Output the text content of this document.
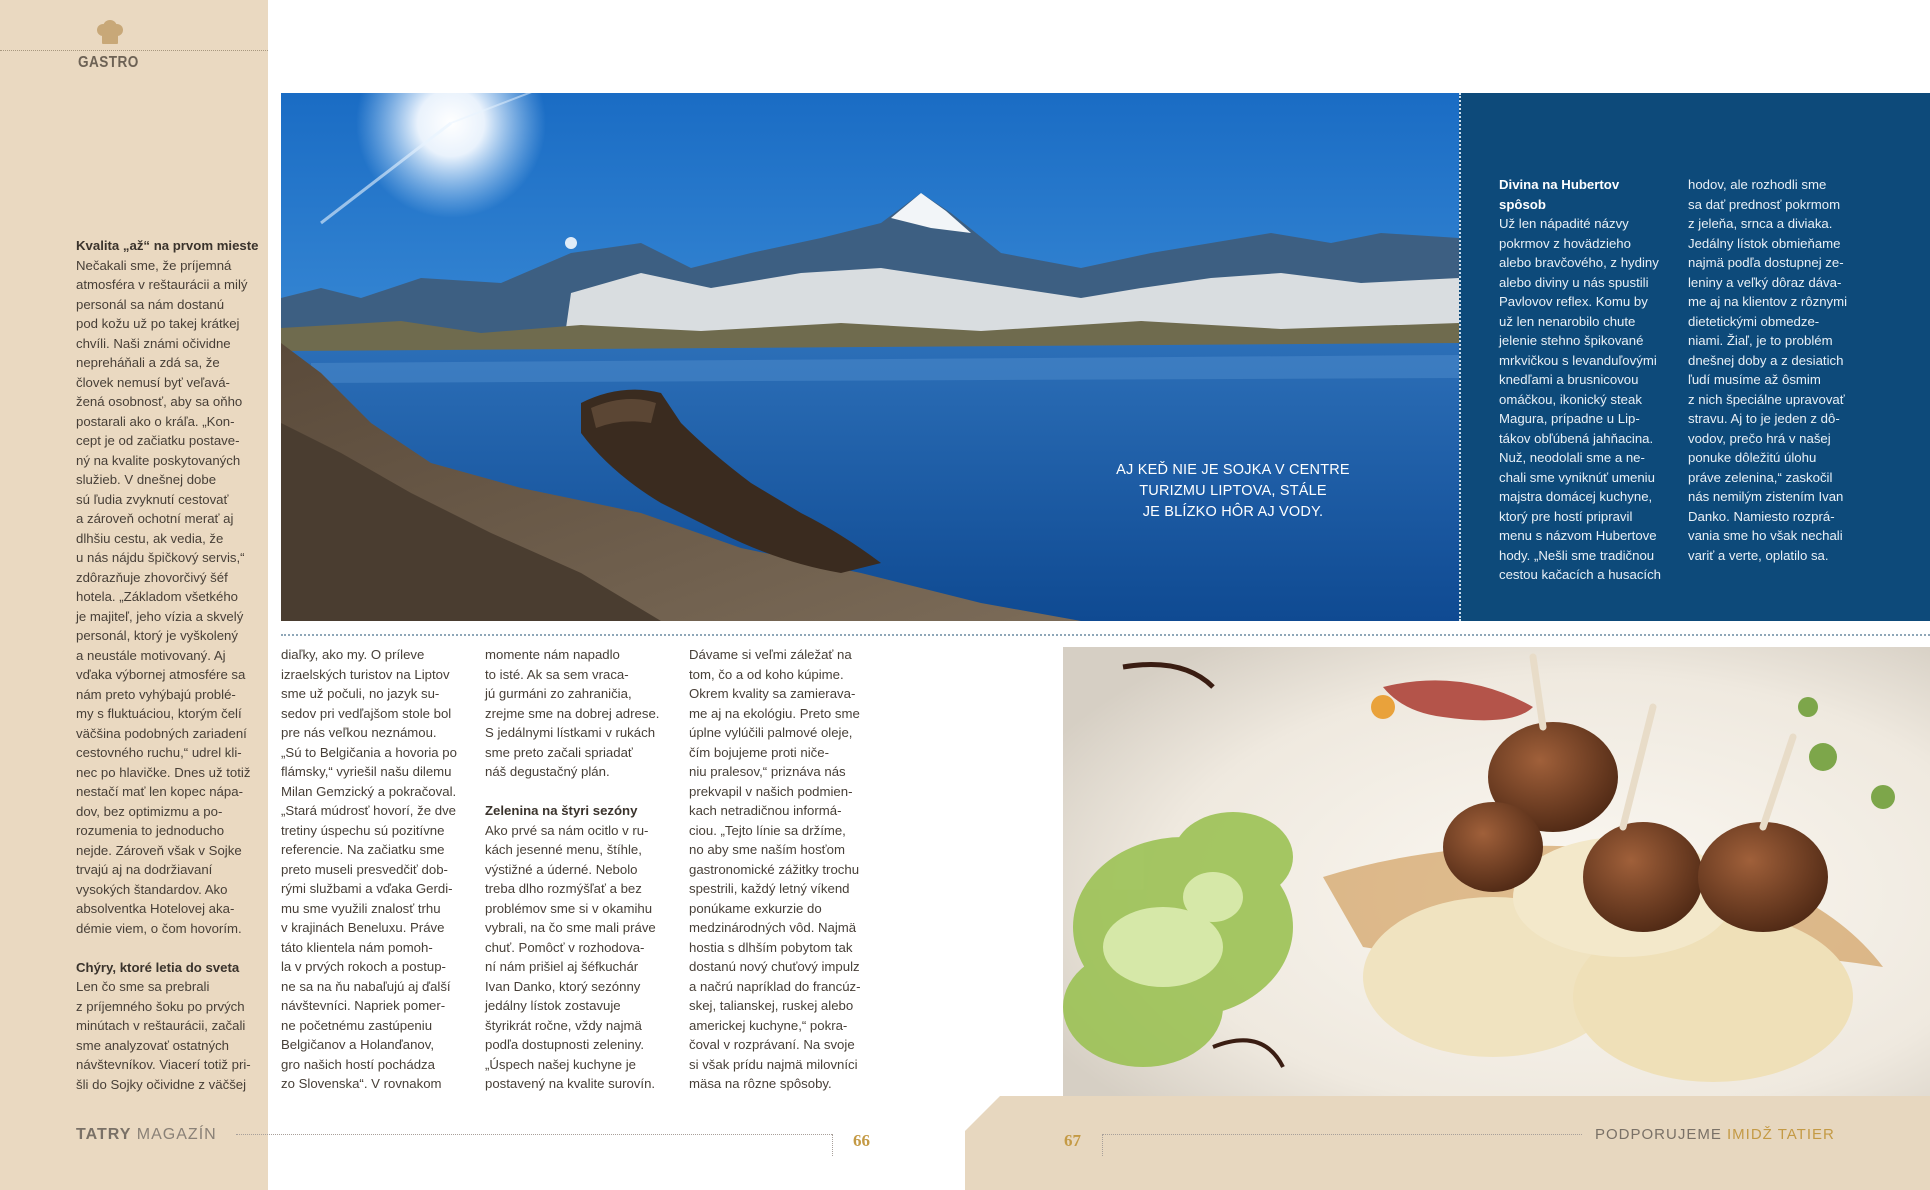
GASTRO
Kvalita „až“ na prvom mieste

Nečakali sme, že príjemná
atmosféra v reštaurácii a milý
personál sa nám dostanú
pod kožu už po takej krátkej
chvíli. Naši známi očividne
nepreháňali a zdá sa, že
človek nemusí byť veľavá-
žená osobnosť, aby sa oňho
postarali ako o kráľa. „Kon-
cept je od začiatku postave-
ný na kvalite poskytovaných
služieb. V dnešnej dobe
sú ľudia zvyknutí cestovať
a zároveň ochotní merať aj
dlhšiu cestu, ak vedia, že
u nás nájdu špičkový servis,“
zdôrazňuje zhovorčivý šéf
hotela. „Základom všetkého
je majiteľ, jeho vízia a skvelý
personál, ktorý je vyškolený
a neustále motivovaný. Aj
vďaka výbornej atmosfére sa
nám preto vyhýbajú problé-
my s fluktuáciou, ktorým čelí
väčšina podobných zariadení
cestovného ruchu,“ udrel kli-
nec po hlavičke. Dnes už totiž
nestačí mať len kopec nápa-
dov, bez optimizmu a po-
rozumenia to jednoducho
nejde. Zároveň však v Sojke
trvajú aj na dodržiavaní
vysokých štandardov. Ako
absolventka Hotelovej aka-
démie viem, o čom hovorím.

Chýry, ktoré letia do sveta

Len čo sme sa prebrali
z príjemného šoku po prvých
minútach v reštaurácii, začali
sme analyzovať ostatných
návštevníkov. Viacerí totiž pri-
šli do Sojky očividne z väčšej

AJ KEĎ NIE JE SOJKA V CENTRE
TURIZMU LIPTOVA, STÁLE
JE BLÍZKO HÔR AJ VODY.
Divina na Hubertov
spôsob

Už len nápadité názvy
pokrmov z hovädzieho
alebo bravčového, z hydiny
alebo diviny u nás spustili
Pavlovov reflex. Komu by
už len nenarobilo chute
jelenie stehno špikované
mrkvičkou s levanduľovými
knedľami a brusnicovou
omáčkou, ikonický steak
Magura, prípadne u Lip-
tákov obľúbená jahňacina.
Nuž, neodolali sme a ne-
chali sme vyniknúť umeniu
majstra domácej kuchyne,
ktorý pre hostí pripravil
menu s názvom Hubertove
hody. „Nešli sme tradičnou
cestou kačacích a husacích

hodov, ale rozhodli sme
sa dať prednosť pokrmom
z jeleňa, srnca a diviaka.
Jedálny lístok obmieňame
najmä podľa dostupnej ze-
leniny a veľký dôraz dáva-
me aj na klientov z rôznymi
dietetickými obmedze-
niami. Žiaľ, je to problém
dnešnej doby a z desiatich
ľudí musíme až ôsmim
z nich špeciálne upravovať
stravu. Aj to je jeden z dô-
vodov, prečo hrá v našej
ponuke dôležitú úlohu
práve zelenina,“ zaskočil
nás nemilým zistením Ivan
Danko. Namiesto rozprá-
vania sme ho však nechali
variť a verte, oplatilo sa.

diaľky, ako my. O príleve
izraelských turistov na Liptov
sme už počuli, no jazyk su-
sedov pri vedľajšom stole bol
pre nás veľkou neznámou.
„Sú to Belgičania a hovoria po
flámsky,“ vyriešil našu dilemu
Milan Gemzický a pokračoval.
„Stará múdrosť hovorí, že dve
tretiny úspechu sú pozitívne
referencie. Na začiatku sme
preto museli presvedčiť dob-
rými službami a vďaka Gerdi-
mu sme využili znalosť trhu
v krajinách Beneluxu. Práve
táto klientela nám pomoh-
la v prvých rokoch a postup-
ne sa na ňu nabaľujú aj ďalší
návštevníci. Napriek pomer-
ne početnému zastúpeniu
Belgičanov a Holanďanov,
gro našich hostí pochádza
zo Slovenska“. V rovnakom

momente nám napadlo
to isté. Ak sa sem vraca-
jú gurmáni zo zahraničia,
zrejme sme na dobrej adrese.
S jedálnymi lístkami v rukách
sme preto začali spriadať
náš degustačný plán.

Zelenina na štyri sezóny

Ako prvé sa nám ocitlo v ru-
kách jesenné menu, štíhle,
výstižné a úderné. Nebolo
treba dlho rozmýšľať a bez
problémov sme si v okamihu
vybrali, na čo sme mali práve
chuť. Pomôcť v rozhodova-
ní nám prišiel aj šéfkuchár
Ivan Danko, ktorý sezónny
jedálny lístok zostavuje
štyrikrát ročne, vždy najmä
podľa dostupnosti zeleniny.
„Úspech našej kuchyne je
postavený na kvalite surovín.

Dávame si veľmi záležať na
tom, čo a od koho kúpime.
Okrem kvality sa zamierava-
me aj na ekológiu. Preto sme
úplne vylúčili palmové oleje,
čím bojujeme proti niče-
niu pralesov,“ priznáva nás
prekvapil v našich podmien-
kach netradičnou informá-
ciou. „Tejto línie sa držíme,
no aby sme naším hosťom
gastronomické zážitky trochu
spestrili, každý letný víkend
ponúkame exkurzie do
medzinárodných vôd. Najmä
hostia s dlhším pobytom tak
dostanú nový chuťový impulz
a načrú napríklad do francúz-
skej, talianskej, ruskej alebo
americkej kuchyne,“ pokra-
čoval v rozprávaní. Na svoje
si však prídu najmä milovníci
mäsa na rôzne spôsoby.

TATRY MAGAZÍN	66	67	PODPORUJEME IMIDŽ TATIER
